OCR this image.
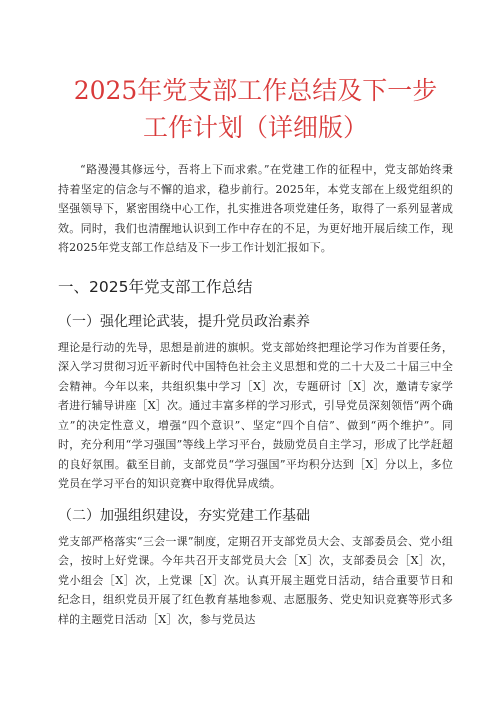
2025年党支部工作总结及下一步
工作计划（详细版）

“路漫漫其修远兮，吾将上下而求索。”在党建工作的征程中，党支部始终秉持着坚定的信念与不懈的追求，稳步前行。2025年，本党支部在上级党组织的坚强领导下，紧密围绕中心工作，扎实推进各项党建任务，取得了一系列显著成效。同时，我们也清醒地认识到工作中存在的不足，为更好地开展后续工作，现将2025年党支部工作总结及下一步工作计划汇报如下。

一、2025年党支部工作总结
（一）强化理论武装，提升党员政治素养

理论是行动的先导，思想是前进的旗帜。党支部始终把理论学习作为首要任务，深入学习贯彻习近平新时代中国特色社会主义思想和党的二十大及二十届三中全会精神。今年以来，共组织集中学习［X］次，专题研讨［X］次，邀请专家学者进行辅导讲座［X］次。通过丰富多样的学习形式，引导党员深刻领悟“两个确立”的决定性意义，增强“四个意识”、坚定“四个自信”、做到“两个维护”。同时，充分利用“学习强国”等线上学习平台，鼓励党员自主学习，形成了比学赶超的良好氛围。截至目前，支部党员“学习强国”平均积分达到［X］分以上，多位党员在学习平台的知识竞赛中取得优异成绩。

（二）加强组织建设，夯实党建工作基础

党支部严格落实“三会一课”制度，定期召开支部党员大会、支部委员会、党小组会，按时上好党课。今年共召开支部党员大会［X］次，支部委员会［X］次，党小组会［X］次，上党课［X］次。认真开展主题党日活动，结合重要节日和纪念日，组织党员开展了红色教育基地参观、志愿服务、党史知识竞赛等形式多样的主题党日活动［X］次，参与党员达
